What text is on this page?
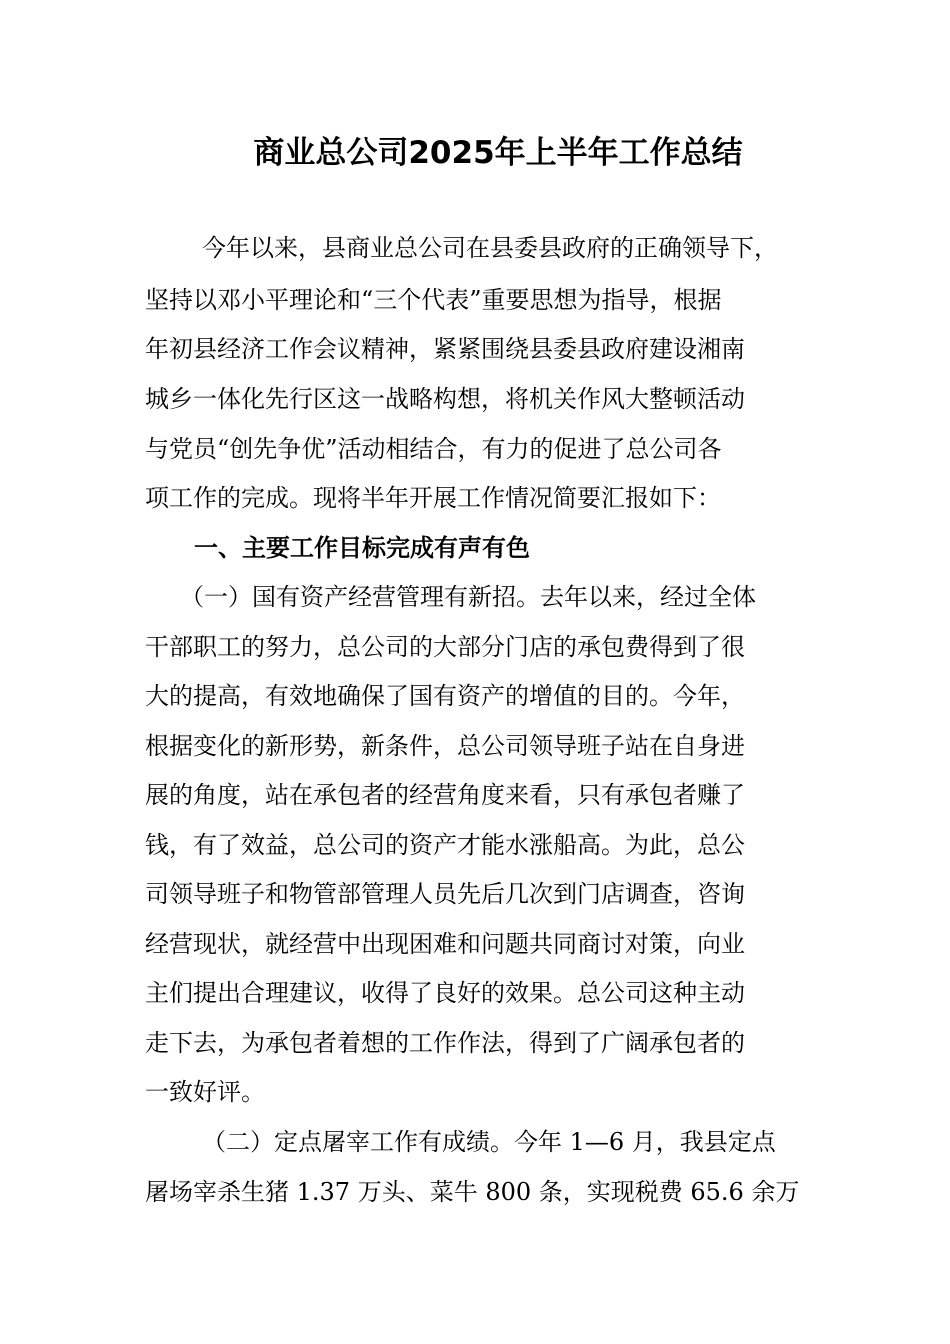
商业总公司2025年上半年工作总结

今年以来，县商业总公司在县委县政府的正确领导下，

坚持以邓小平理论和“三个代表”重要思想为指导，根据

年初县经济工作会议精神，紧紧围绕县委县政府建设湘南

城乡一体化先行区这一战略构想，将机关作风大整顿活动

与党员“创先争优”活动相结合，有力的促进了总公司各

项工作的完成。现将半年开展工作情况简要汇报如下：

一、主要工作目标完成有声有色

（一）国有资产经营管理有新招。去年以来，经过全体

干部职工的努力，总公司的大部分门店的承包费得到了很

大的提高，有效地确保了国有资产的增值的目的。今年，

根据变化的新形势，新条件，总公司领导班子站在自身进

展的角度，站在承包者的经营角度来看，只有承包者赚了

钱，有了效益，总公司的资产才能水涨船高。为此，总公

司领导班子和物管部管理人员先后几次到门店调查，咨询

经营现状，就经营中出现困难和问题共同商讨对策，向业

主们提出合理建议，收得了良好的效果。总公司这种主动

走下去，为承包者着想的工作作法，得到了广阔承包者的

一致好评。

（二）定点屠宰工作有成绩。今年 1—6 月，我县定点

屠场宰杀生猪 1.37 万头、菜牛 800 条，实现税费 65.6 余万
